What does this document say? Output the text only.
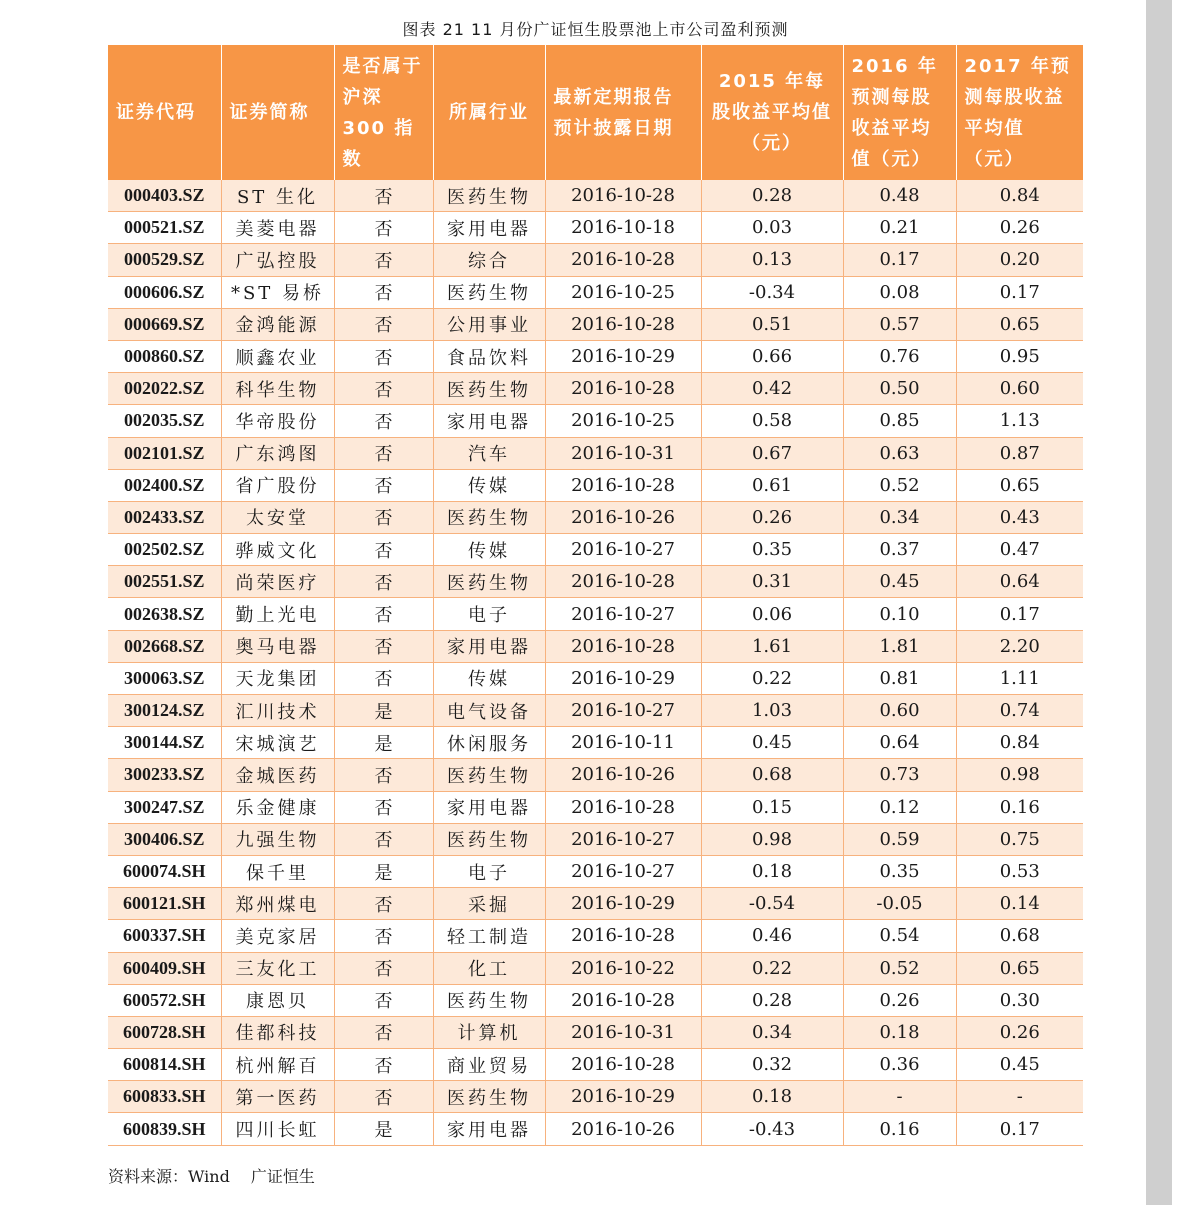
图表 21 11 月份广证恒生股票池上市公司盈利预测
证券代码	证券简称	是否属于沪深 300 指数	所属行业	最新定期报告预计披露日期	2015 年每股收益平均值（元）	2016 年预测每股收益平均值（元）	2017 年预测每股收益平均值（元）
000403.SZ	ST 生化	否	医药生物	2016-10-28	0.28	0.48	0.84
000521.SZ	美菱电器	否	家用电器	2016-10-18	0.03	0.21	0.26
000529.SZ	广弘控股	否	综合	2016-10-28	0.13	0.17	0.20
000606.SZ	*ST 易桥	否	医药生物	2016-10-25	-0.34	0.08	0.17
000669.SZ	金鸿能源	否	公用事业	2016-10-28	0.51	0.57	0.65
000860.SZ	顺鑫农业	否	食品饮料	2016-10-29	0.66	0.76	0.95
002022.SZ	科华生物	否	医药生物	2016-10-28	0.42	0.50	0.60
002035.SZ	华帝股份	否	家用电器	2016-10-25	0.58	0.85	1.13
002101.SZ	广东鸿图	否	汽车	2016-10-31	0.67	0.63	0.87
002400.SZ	省广股份	否	传媒	2016-10-28	0.61	0.52	0.65
002433.SZ	太安堂	否	医药生物	2016-10-26	0.26	0.34	0.43
002502.SZ	骅威文化	否	传媒	2016-10-27	0.35	0.37	0.47
002551.SZ	尚荣医疗	否	医药生物	2016-10-28	0.31	0.45	0.64
002638.SZ	勤上光电	否	电子	2016-10-27	0.06	0.10	0.17
002668.SZ	奥马电器	否	家用电器	2016-10-28	1.61	1.81	2.20
300063.SZ	天龙集团	否	传媒	2016-10-29	0.22	0.81	1.11
300124.SZ	汇川技术	是	电气设备	2016-10-27	1.03	0.60	0.74
300144.SZ	宋城演艺	是	休闲服务	2016-10-11	0.45	0.64	0.84
300233.SZ	金城医药	否	医药生物	2016-10-26	0.68	0.73	0.98
300247.SZ	乐金健康	否	家用电器	2016-10-28	0.15	0.12	0.16
300406.SZ	九强生物	否	医药生物	2016-10-27	0.98	0.59	0.75
600074.SH	保千里	是	电子	2016-10-27	0.18	0.35	0.53
600121.SH	郑州煤电	否	采掘	2016-10-29	-0.54	-0.05	0.14
600337.SH	美克家居	否	轻工制造	2016-10-28	0.46	0.54	0.68
600409.SH	三友化工	否	化工	2016-10-22	0.22	0.52	0.65
600572.SH	康恩贝	否	医药生物	2016-10-28	0.28	0.26	0.30
600728.SH	佳都科技	否	计算机	2016-10-31	0.34	0.18	0.26
600814.SH	杭州解百	否	商业贸易	2016-10-28	0.32	0.36	0.45
600833.SH	第一医药	否	医药生物	2016-10-29	0.18	-	-
600839.SH	四川长虹	是	家用电器	2016-10-26	-0.43	0.16	0.17
资料来源：Wind　 广证恒生
